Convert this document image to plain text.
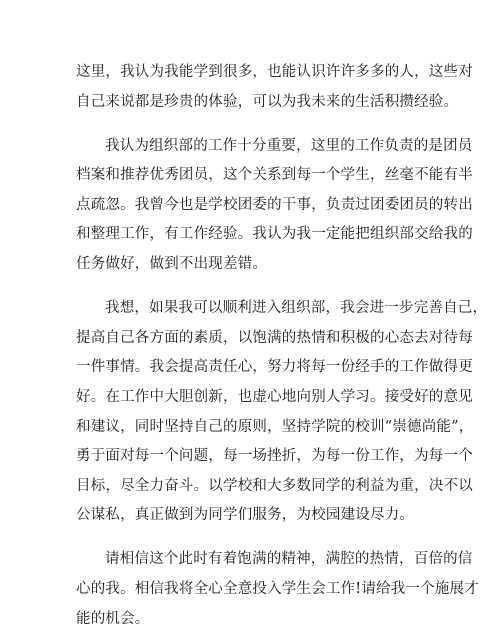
这里，我认为我能学到很多，也能认识许许多多的人，这些对
自己来说都是珍贵的体验，可以为我未来的生活积攒经验。
我认为组织部的工作十分重要，这里的工作负责的是团员
档案和推荐优秀团员，这个关系到每一个学生，丝毫不能有半
点疏忽。我曾今也是学校团委的干事，负责过团委团员的转出
和整理工作，有工作经验。我认为我一定能把组织部交给我的
任务做好，做到不出现差错。
我想，如果我可以顺利进入组织部，我会进一步完善自己，
提高自己各方面的素质，以饱满的热情和积极的心态去对待每
一件事情。我会提高责任心，努力将每一份经手的工作做得更
好。在工作中大胆创新，也虚心地向别人学习。接受好的意见
和建议，同时坚持自己的原则，坚持学院的校训“崇德尚能”，
勇于面对每一个问题，每一场挫折，为每一份工作，为每一个
目标，尽全力奋斗。以学校和大多数同学的利益为重，决不以
公谋私，真正做到为同学们服务，为校园建设尽力。
请相信这个此时有着饱满的精神，满腔的热情，百倍的信
心的我。相信我将全心全意投入学生会工作!请给我一个施展才
能的机会。
